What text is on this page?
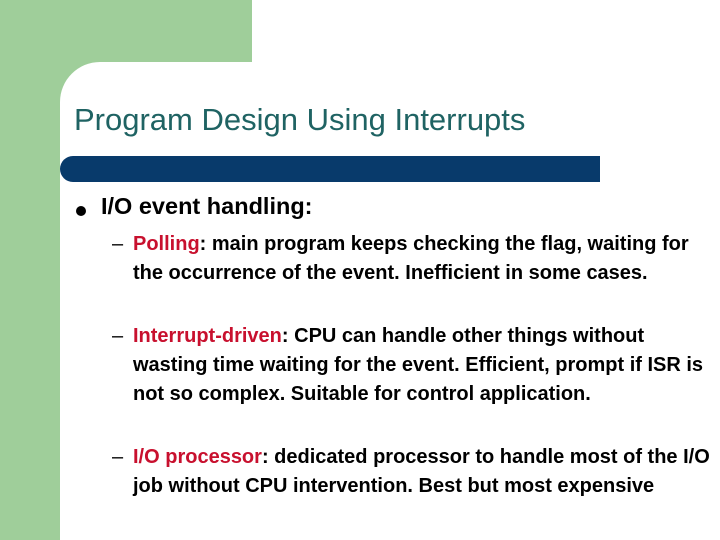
Program Design Using Interrupts
I/O event handling:
– Polling: main program keeps checking the flag, waiting for the occurrence of the event. Inefficient in some cases.
– Interrupt-driven: CPU can handle other things without wasting time waiting for the event. Efficient, prompt if ISR is not so complex. Suitable for control application.
– I/O processor: dedicated processor to handle most of the I/O job without CPU intervention. Best but most expensive
